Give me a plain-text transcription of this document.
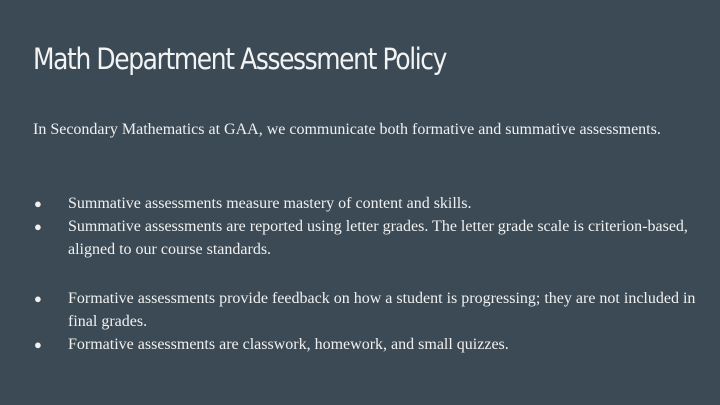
Math Department Assessment Policy

In Secondary Mathematics at GAA, we communicate both formative and summative assessments.

● Summative assessments measure mastery of content and skills.
● Summative assessments are reported using letter grades. The letter grade scale is criterion-based, aligned to our course standards.
● Formative assessments provide feedback on how a student is progressing; they are not included in final grades.
● Formative assessments are classwork, homework, and small quizzes.
